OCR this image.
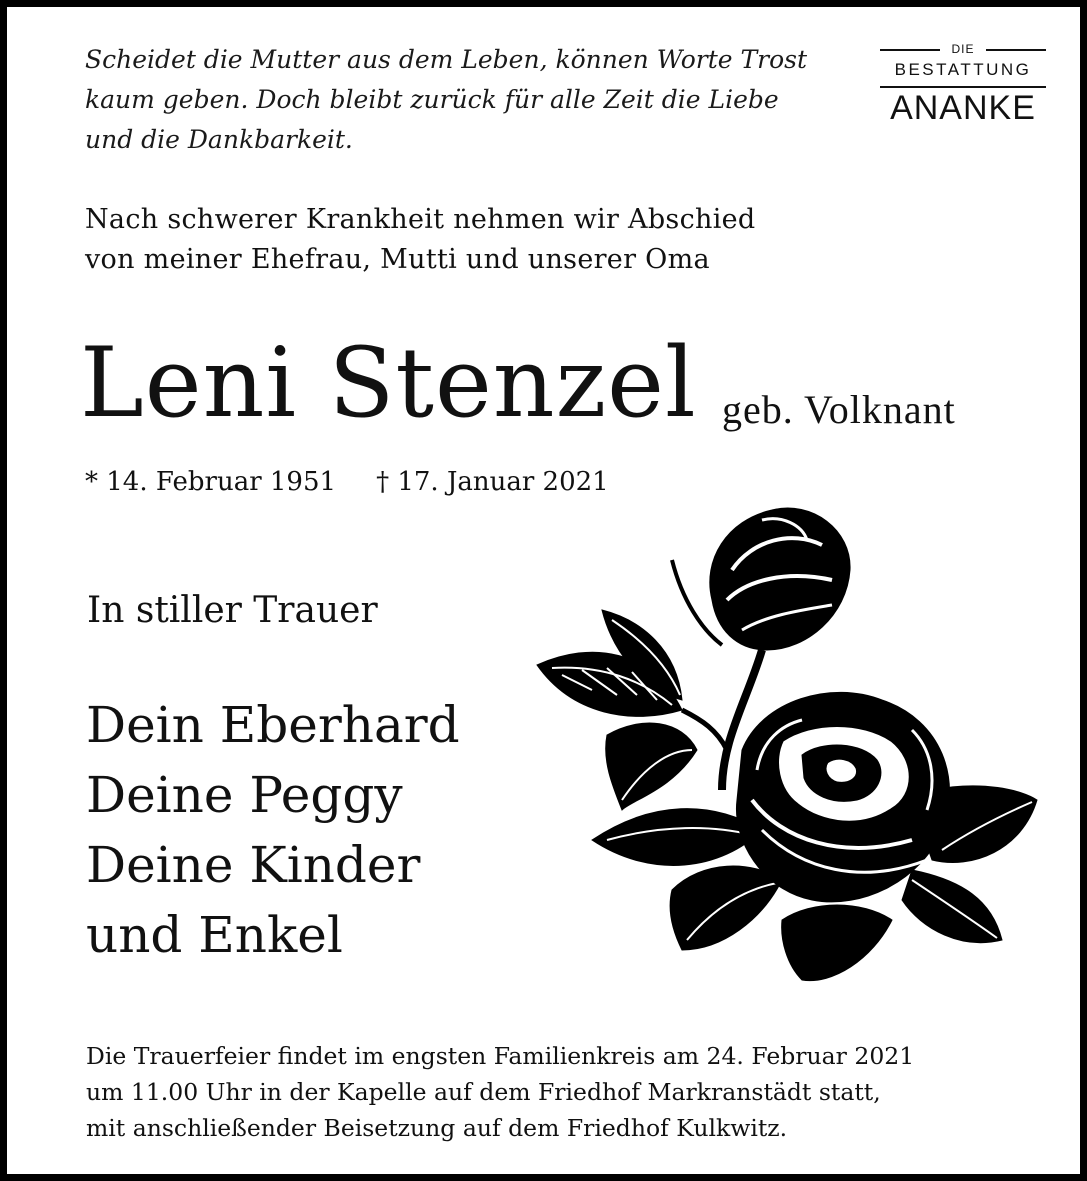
DIE
BESTATTUNG
ANANKE
Scheidet die Mutter aus dem Leben, können Worte Trost
kaum geben. Doch bleibt zurück für alle Zeit die Liebe
und die Dankbarkeit.
Nach schwerer Krankheit nehmen wir Abschied
von meiner Ehefrau, Mutti und unserer Oma
Leni Stenzel geb. Volknant
* 14. Februar 1951 † 17. Januar 2021
In stiller Trauer
Dein Eberhard
Deine Peggy
Deine Kinder
und Enkel
Die Trauerfeier findet im engsten Familienkreis am 24. Februar 2021
um 11.00 Uhr in der Kapelle auf dem Friedhof Markranstädt statt,
mit anschließender Beisetzung auf dem Friedhof Kulkwitz.
